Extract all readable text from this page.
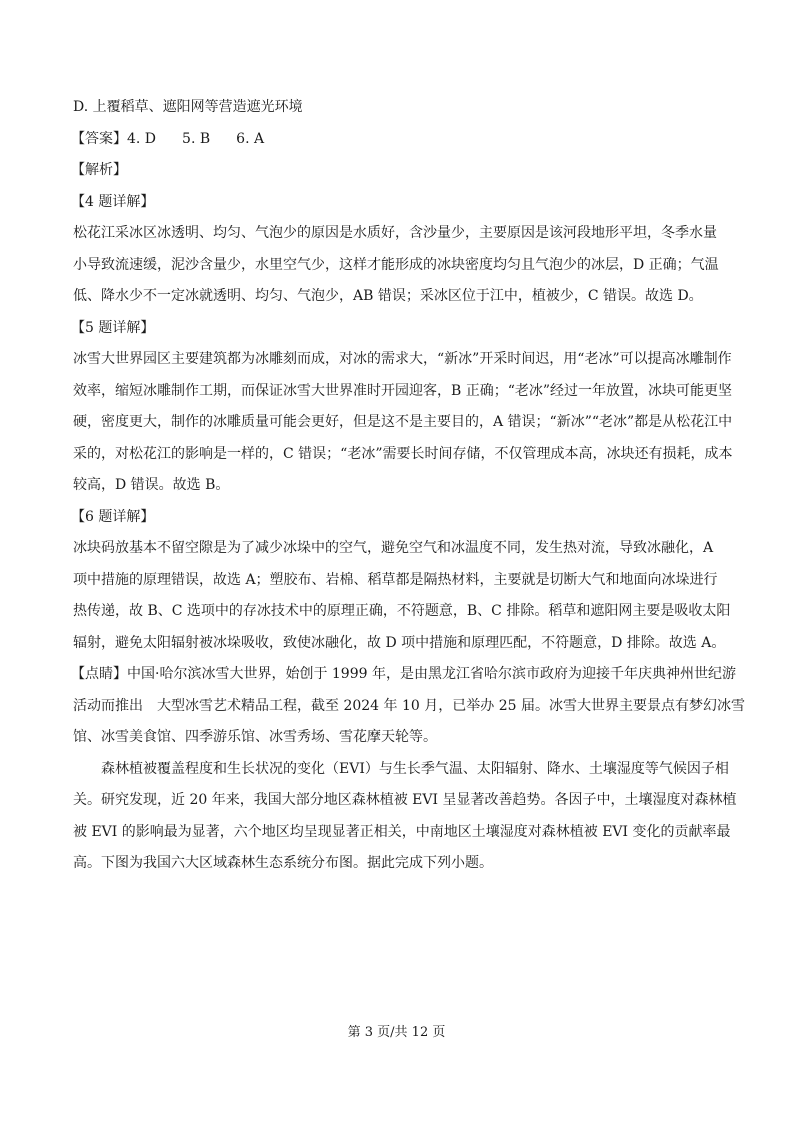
D. 上覆稻草、遮阳网等营造遮光环境
【答案】4. D 5. B 6. A
【解析】
【4 题详解】
松花江采冰区冰透明、均匀、气泡少的原因是水质好，含沙量少，主要原因是该河段地形平坦，冬季水量
小导致流速缓，泥沙含量少，水里空气少，这样才能形成的冰块密度均匀且气泡少的冰层，D 正确；气温
低、降水少不一定冰就透明、均匀、气泡少，AB 错误；采冰区位于江中，植被少，C 错误。故选 D。
【5 题详解】
冰雪大世界园区主要建筑都为冰雕刻而成，对冰的需求大，“新冰”开采时间迟，用“老冰”可以提高冰雕制作
效率，缩短冰雕制作工期，而保证冰雪大世界准时开园迎客，B 正确；“老冰”经过一年放置，冰块可能更坚
硬，密度更大，制作的冰雕质量可能会更好，但是这不是主要目的，A 错误；“新冰”“老冰”都是从松花江中
采的，对松花江的影响是一样的，C 错误；“老冰”需要长时间存储，不仅管理成本高，冰块还有损耗，成本
较高，D 错误。故选 B。
【6 题详解】
冰块码放基本不留空隙是为了减少冰垛中的空气，避免空气和冰温度不同，发生热对流，导致冰融化，A
项中措施的原理错误，故选 A；塑胶布、岩棉、稻草都是隔热材料，主要就是切断大气和地面向冰垛进行
热传递，故 B、C 选项中的存冰技术中的原理正确，不符题意，B、C 排除。稻草和遮阳网主要是吸收太阳
辐射，避免太阳辐射被冰垛吸收，致使冰融化，故 D 项中措施和原理匹配，不符题意，D 排除。故选 A。
【点睛】中国·哈尔滨冰雪大世界，始创于 1999 年，是由黑龙江省哈尔滨市政府为迎接千年庆典神州世纪游
活动而推出　大型冰雪艺术精品工程，截至 2024 年 10 月，已举办 25 届。冰雪大世界主要景点有梦幻冰雪
馆、冰雪美食馆、四季游乐馆、冰雪秀场、雪花摩天轮等。
森林植被覆盖程度和生长状况的变化（EVI）与生长季气温、太阳辐射、降水、土壤湿度等气候因子相
关。研究发现，近 20 年来，我国大部分地区森林植被 EVI 呈显著改善趋势。各因子中，土壤湿度对森林植
被 EVI 的影响最为显著，六个地区均呈现显著正相关，中南地区土壤湿度对森林植被 EVI 变化的贡献率最
高。下图为我国六大区域森林生态系统分布图。据此完成下列小题。
第 3 页/共 12 页
